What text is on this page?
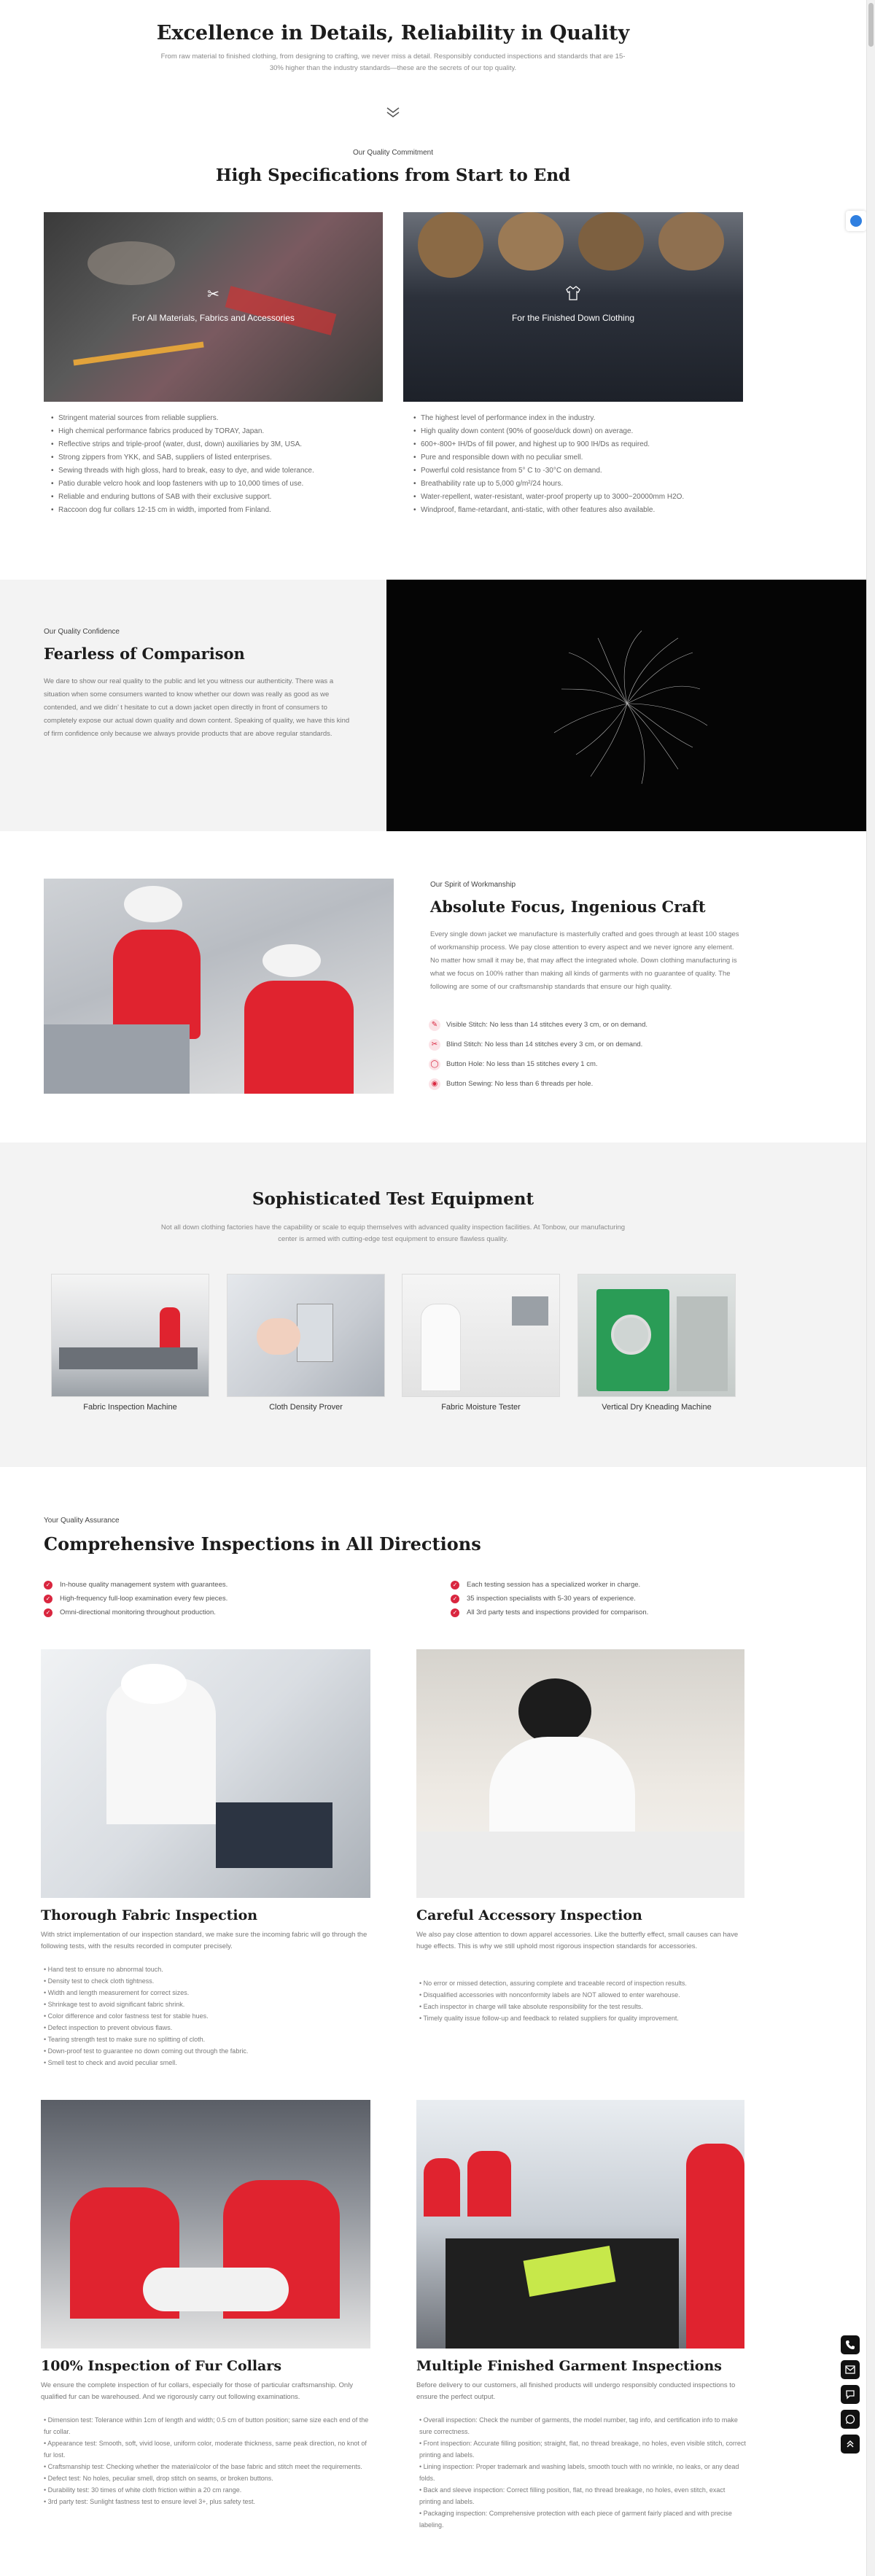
Excellence in Details, Reliability in Quality

From raw material to finished clothing, from designing to crafting, we never miss a detail. Responsibly conducted inspections and standards that are 15-

30% higher than the industry standards—these are the secrets of our top quality.

Our Quality Commitment

High Specifications from Start to End
✂
For All Materials, Fabrics and Accessories	For the Finished Down Clothing
• Stringent material sources from reliable suppliers.
• High chemical performance fabrics produced by TORAY, Japan.
• Reflective strips and triple-proof (water, dust, down) auxiliaries by 3M, USA.
• Strong zippers from YKK, and SAB, suppliers of listed enterprises.
• Sewing threads with high gloss, hard to break, easy to dye, and wide tolerance.
• Patio durable velcro hook and loop fasteners with up to 10,000 times of use.
• Reliable and enduring buttons of SAB with their exclusive support.
• Raccoon dog fur collars 12-15 cm in width, imported from Finland.
• The highest level of performance index in the industry.
• High quality down content (90% of goose/duck down) on average.
• 600+-800+ IH/Ds of fill power, and highest up to 900 IH/Ds as required.
• Pure and responsible down with no peculiar smell.
• Powerful cold resistance from 5° C to -30°C on demand.
• Breathability rate up to 5,000 g/m²/24 hours.
• Water-repellent, water-resistant, water-proof property up to 3000~20000mm H2O.
• Windproof, flame-retardant, anti-static, with other features also available.

Our Quality Confidence

Fearless of Comparison

We dare to show our real quality to the public and let you witness our authenticity. There was a situation when some consumers wanted to know whether our down was really as good as we contended, and we didn’ t hesitate to cut a down jacket open directly in front of consumers to completely expose our actual down quality and down content. Speaking of quality, we have this kind of firm confidence only because we always provide products that are above regular standards.

Our Spirit of Workmanship

Absolute Focus, Ingenious Craft

Every single down jacket we manufacture is masterfully crafted and goes through at least 100 stages of workmanship process. We pay close attention to every aspect and we never ignore any element. No matter how small it may be, that may affect the integrated whole. Down clothing manufacturing is what we focus on 100% rather than making all kinds of garments with no guarantee of quality. The following are some of our craftsmanship standards that ensure our high quality.

✎	Visible Stitch: No less than 14 stitches every 3 cm, or on demand.
✂	Blind Stitch: No less than 14 stitches every 3 cm, or on demand.
◯ Button Hole: No less than 15 stitches every 1 cm.
◉	Button Sewing: No less than 6 threads per hole.
Sophisticated Test Equipment

Not all down clothing factories have the capability or scale to equip themselves with advanced quality inspection facilities. At Tonbow, our manufacturing

center is armed with cutting-edge test equipment to ensure flawless quality.

Fabric Inspection Machine	Cloth Density Prover	Fabric Moisture Tester	Vertical Dry Kneading Machine

Your Quality Assurance

Comprehensive Inspections in All Directions
✓ In-house quality management system with guarantees.
✓ High-frequency full-loop examination every few pieces.
✓ Omni-directional monitoring throughout production.
✓ Each testing session has a specialized worker in charge.
✓ 35 inspection specialists with 5-30 years of experience.
✓ All 3rd party tests and inspections provided for comparison.
Thorough Fabric Inspection

With strict implementation of our inspection standard, we make sure the incoming fabric will go through the following tests, with the results recorded in computer precisely.

• Hand test to ensure no abnormal touch.
• Density test to check cloth tightness.
• Width and length measurement for correct sizes.
• Shrinkage test to avoid significant fabric shrink.
• Color difference and color fastness test for stable hues.
• Defect inspection to prevent obvious flaws.
• Tearing strength test to make sure no splitting of cloth.
• Down-proof test to guarantee no down coming out through the fabric.
• Smell test to check and avoid peculiar smell.
Careful Accessory Inspection

We also pay close attention to down apparel accessories. Like the butterfly effect, small causes can have huge effects. This is why we still uphold most rigorous inspection standards for accessories.

• No error or missed detection, assuring complete and traceable record of inspection results.
• Disqualified accessories with nonconformity labels are NOT allowed to enter warehouse.
• Each inspector in charge will take absolute responsibility for the test results.
• Timely quality issue follow-up and feedback to related suppliers for quality improvement.
100% Inspection of Fur Collars

We ensure the complete inspection of fur collars, especially for those of particular craftsmanship. Only qualified fur can be warehoused. And we rigorously carry out following examinations.

• Dimension test: Tolerance within 1cm of length and width; 0.5 cm of button position; same size each end of the fur collar.
• Appearance test: Smooth, soft, vivid loose, uniform color, moderate thickness, same peak direction, no knot of fur lost.
• Craftsmanship test: Checking whether the material/color of the base fabric and stitch meet the requirements.
• Defect test: No holes, peculiar smell, drop stitch on seams, or broken buttons.
• Durability test: 30 times of white cloth friction within a 20 cm range.
• 3rd party test: Sunlight fastness test to ensure level 3+, plus safety test.
Multiple Finished Garment Inspections

Before delivery to our customers, all finished products will undergo responsibly conducted inspections to ensure the perfect output.

• Overall inspection: Check the number of garments, the model number, tag info, and certification info to make sure correctness.
• Front inspection: Accurate filling position; straight, flat, no thread breakage, no holes, even visible stitch, correct printing and labels.
• Lining inspection: Proper trademark and washing labels, smooth touch with no wrinkle, no leaks, or any dead folds.
• Back and sleeve inspection: Correct filling position, flat, no thread breakage, no holes, even stitch, exact printing and labels.
• Packaging inspection: Comprehensive protection with each piece of garment fairly placed and with precise labeling.
